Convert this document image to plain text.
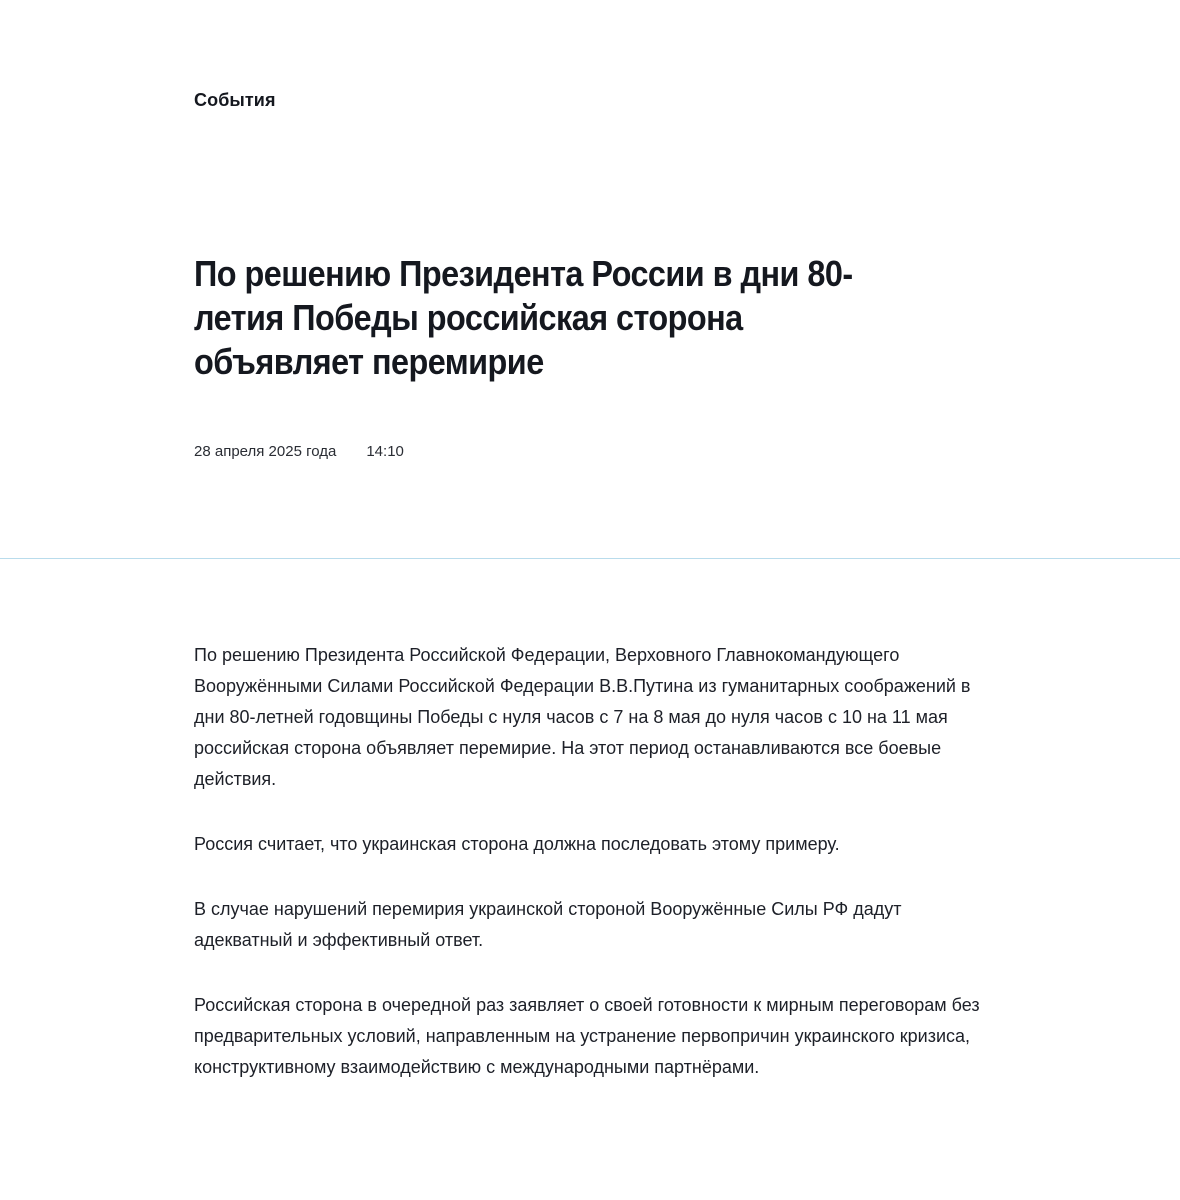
События
По решению Президента России в дни 80-летия Победы российская сторона объявляет перемирие
28 апреля 2025 года 14:10

По решению Президента Российской Федерации, Верховного Главнокомандующего Вооружёнными Силами Российской Федерации В.В.Путина из гуманитарных соображений в дни 80-летней годовщины Победы с нуля часов с 7 на 8 мая до нуля часов с 10 на 11 мая российская сторона объявляет перемирие. На этот период останавливаются все боевые действия.

Россия считает, что украинская сторона должна последовать этому примеру.

В случае нарушений перемирия украинской стороной Вооружённые Силы РФ дадут адекватный и эффективный ответ.

Российская сторона в очередной раз заявляет о своей готовности к мирным переговорам без предварительных условий, направленным на устранение первопричин украинского кризиса, конструктивному взаимодействию с международными партнёрами.
